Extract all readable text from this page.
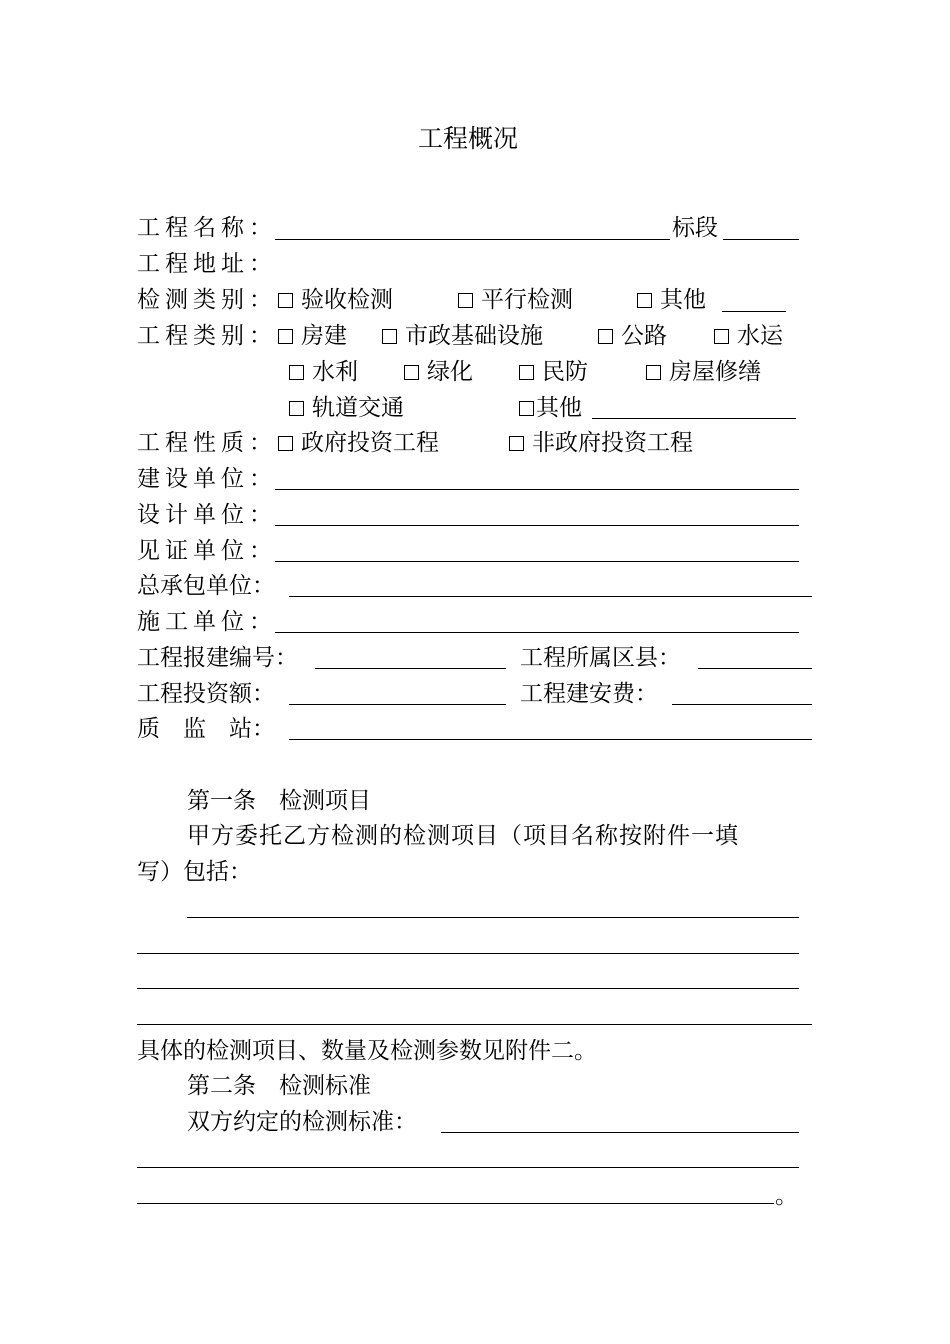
工程概况
工程名称：	标段
工程地址：
检测类别：	验收检测	平行检测	其他
工程类别：	房建	市政基础设施	公路	水运
水利	绿化	民防	房屋修缮
轨道交通	其他
工程性质：	政府投资工程	非政府投资工程
建设单位：
设计单位：
见证单位：
总承包单位：
施工单位：
工程报建编号：	工程所属区县：
工程投资额：	工程建安费：
质　监　站：
第一条　检测项目
甲方委托乙方检测的检测项目（项目名称按附件一填
写）包括：
具体的检测项目、数量及检测参数见附件二。
第二条　检测标准
双方约定的检测标准：
。
